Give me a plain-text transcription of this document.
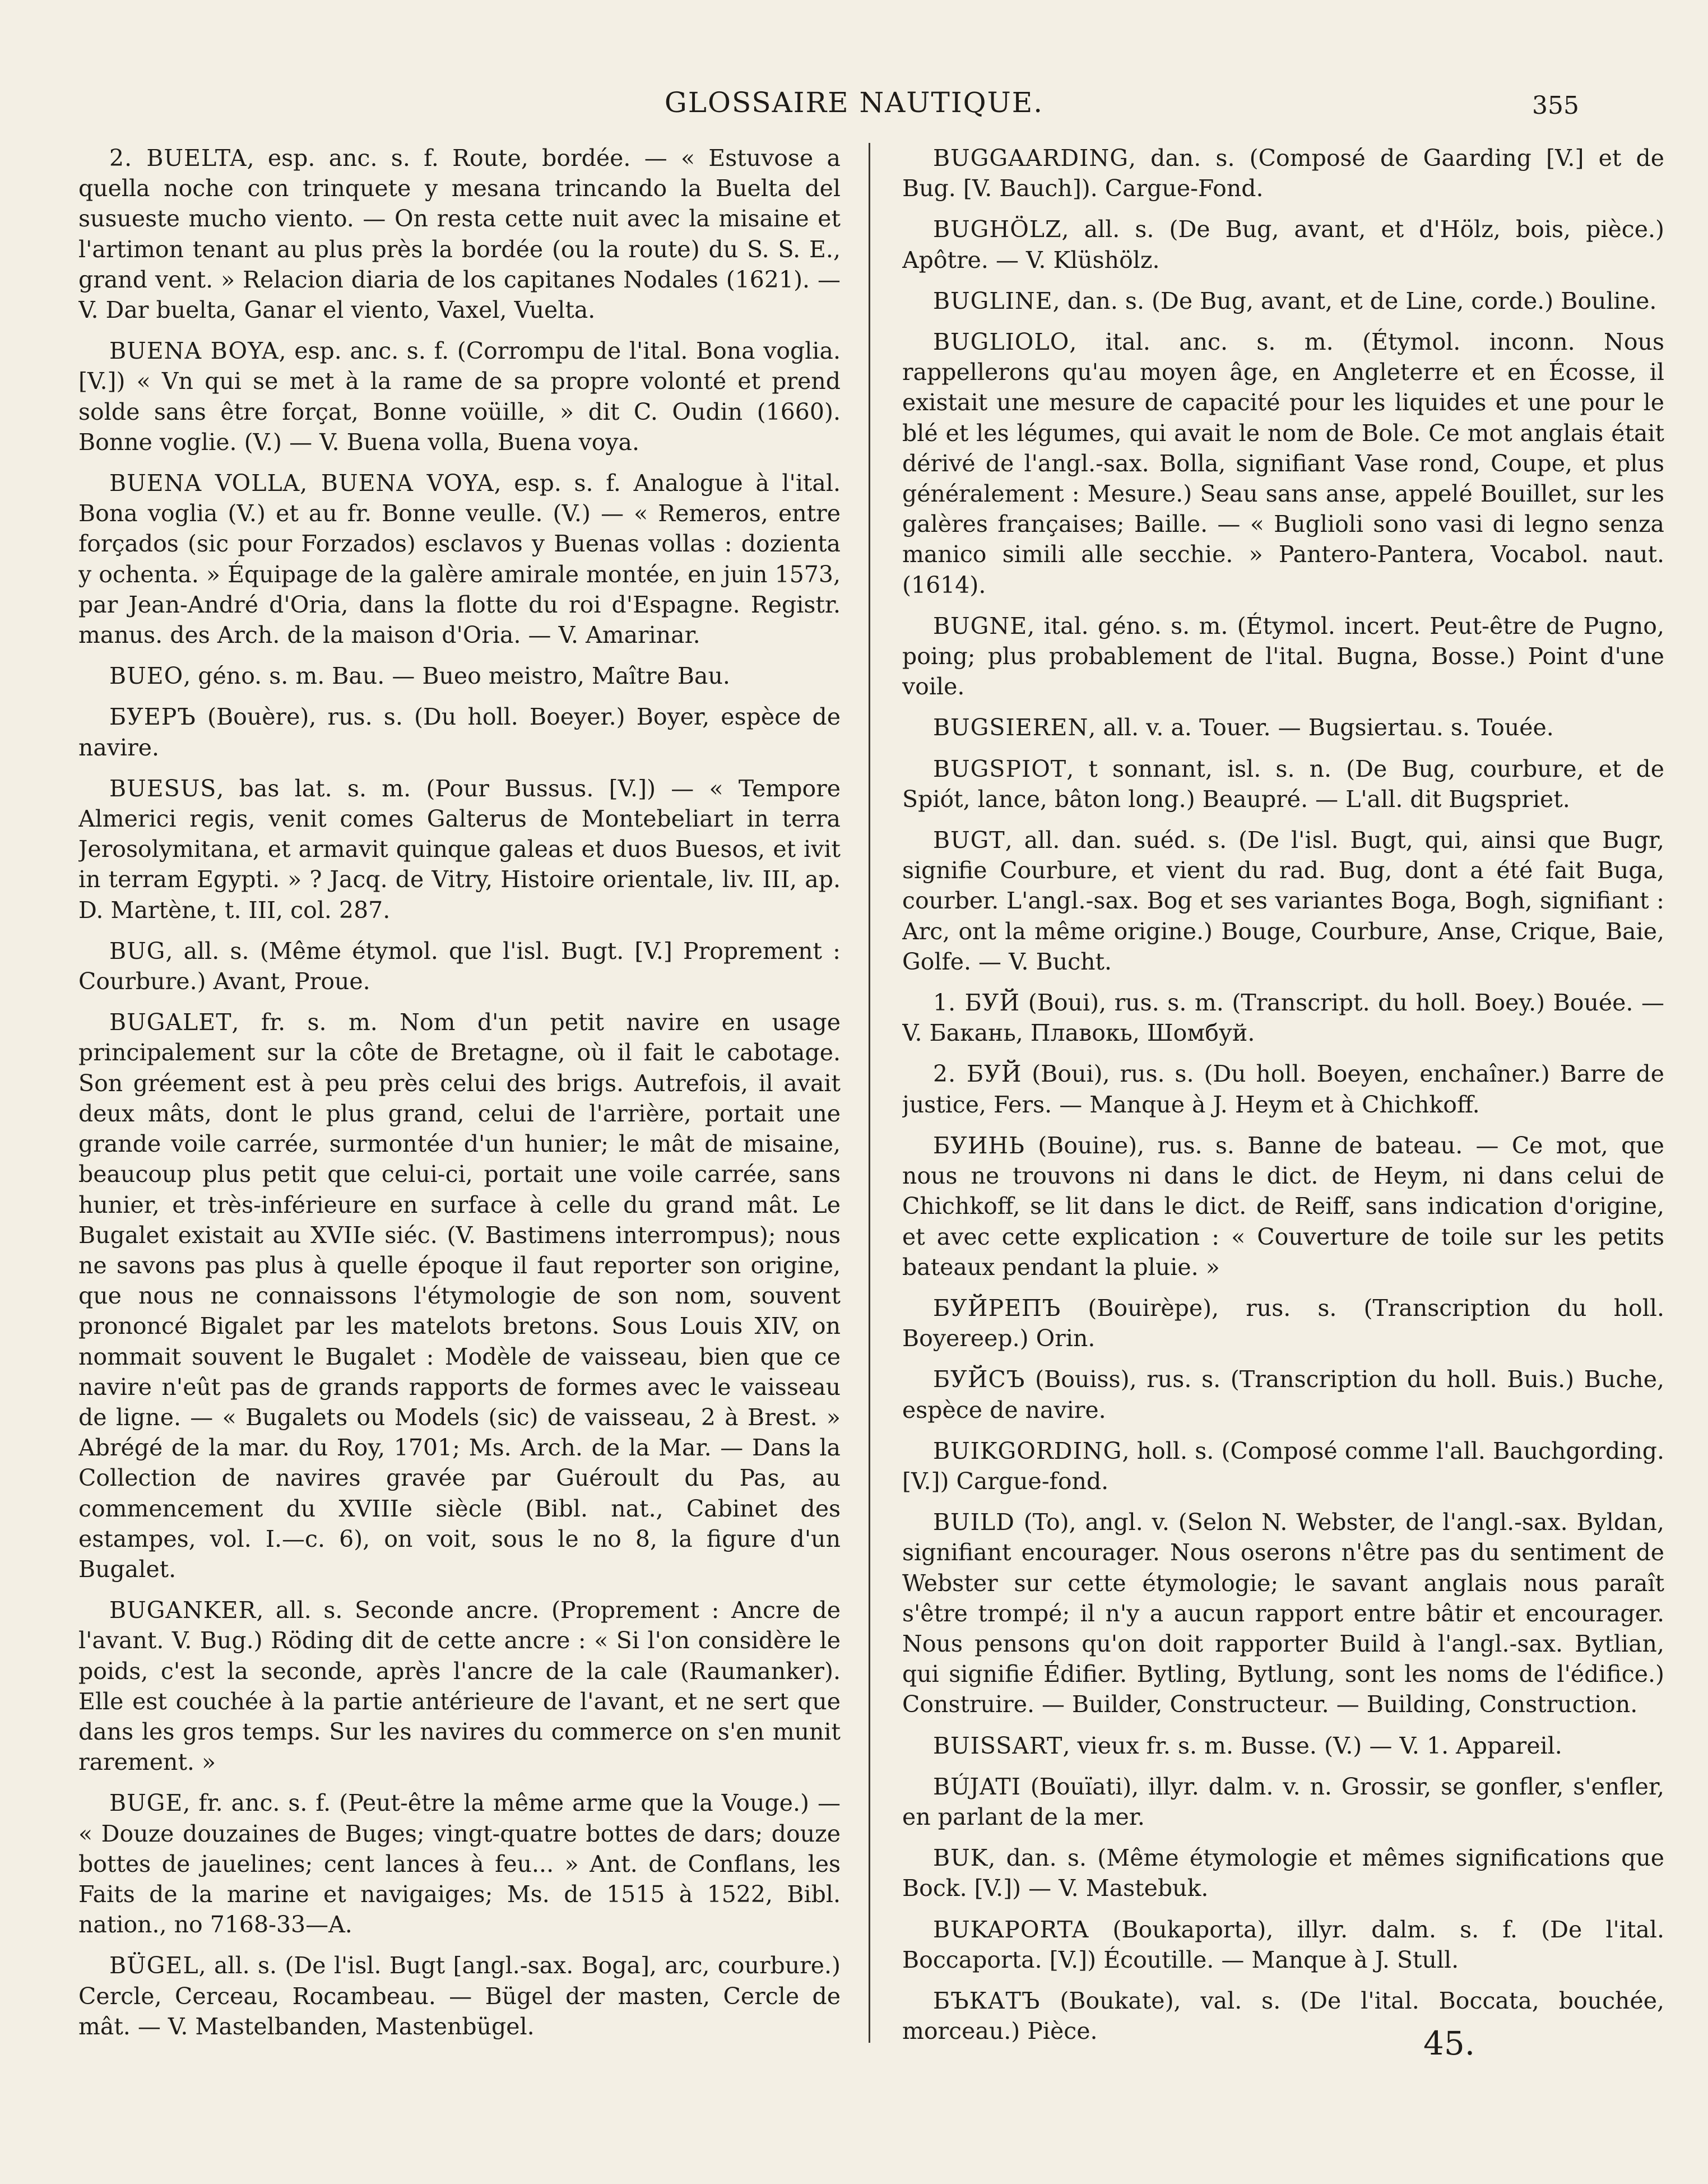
GLOSSAIRE NAUTIQUE.	355

2. BUELTA, esp. anc. s. f. Route, bordée. — « Estuvose a quella noche con trinquete y mesana trincando la Buelta del susueste mucho viento. — On resta cette nuit avec la misaine et l'artimon tenant au plus près la bordée (ou la route) du S. S. E., grand vent. » Relacion diaria de los capitanes Nodales (1621). — V. Dar buelta, Ganar el viento, Vaxel, Vuelta.

BUENA BOYA, esp. anc. s. f. (Corrompu de l'ital. Bona voglia. [V.]) « Vn qui se met à la rame de sa propre volonté et prend solde sans être forçat, Bonne voüille, » dit C. Oudin (1660). Bonne voglie. (V.) — V. Buena volla, Buena voya.

BUENA VOLLA, BUENA VOYA, esp. s. f. Analogue à l'ital. Bona voglia (V.) et au fr. Bonne veulle. (V.) — « Remeros, entre forçados (sic pour Forzados) esclavos y Buenas vollas : dozienta y ochenta. » Équipage de la galère amirale montée, en juin 1573, par Jean-André d'Oria, dans la flotte du roi d'Espagne. Registr. manus. des Arch. de la maison d'Oria. — V. Amarinar.

BUEO, géno. s. m. Bau. — Bueo meistro, Maître Bau.

БУЕРЪ (Bouère), rus. s. (Du holl. Boeyer.) Boyer, espèce de navire.

BUESUS, bas lat. s. m. (Pour Bussus. [V.]) — « Tempore Almerici regis, venit comes Galterus de Montebeliart in terra Jerosolymitana, et armavit quinque galeas et duos Buesos, et ivit in terram Egypti. » ? Jacq. de Vitry, Histoire orientale, liv. III, ap. D. Martène, t. III, col. 287.

BUG, all. s. (Même étymol. que l'isl. Bugt. [V.] Proprement : Courbure.) Avant, Proue.

BUGALET, fr. s. m. Nom d'un petit navire en usage principalement sur la côte de Bretagne, où il fait le cabotage. Son gréement est à peu près celui des brigs. Autrefois, il avait deux mâts, dont le plus grand, celui de l'arrière, portait une grande voile carrée, surmontée d'un hunier; le mât de misaine, beaucoup plus petit que celui-ci, portait une voile carrée, sans hunier, et très-inférieure en surface à celle du grand mât. Le Bugalet existait au XVIIe siéc. (V. Bastimens interrompus); nous ne savons pas plus à quelle époque il faut reporter son origine, que nous ne connaissons l'étymologie de son nom, souvent prononcé Bigalet par les matelots bretons. Sous Louis XIV, on nommait souvent le Bugalet : Modèle de vaisseau, bien que ce navire n'eût pas de grands rapports de formes avec le vaisseau de ligne. — « Bugalets ou Models (sic) de vaisseau, 2 à Brest. » Abrégé de la mar. du Roy, 1701; Ms. Arch. de la Mar. — Dans la Collection de navires gravée par Guéroult du Pas, au commencement du XVIIIe siècle (Bibl. nat., Cabinet des estampes, vol. I.—c. 6), on voit, sous le no 8, la figure d'un Bugalet.

BUGANKER, all. s. Seconde ancre. (Proprement : Ancre de l'avant. V. Bug.) Röding dit de cette ancre : « Si l'on considère le poids, c'est la seconde, après l'ancre de la cale (Raumanker). Elle est couchée à la partie antérieure de l'avant, et ne sert que dans les gros temps. Sur les navires du commerce on s'en munit rarement. »

BUGE, fr. anc. s. f. (Peut-être la même arme que la Vouge.) — « Douze douzaines de Buges; vingt-quatre bottes de dars; douze bottes de jauelines; cent lances à feu... » Ant. de Conflans, les Faits de la marine et navigaiges; Ms. de 1515 à 1522, Bibl. nation., no 7168-33—A.

BÜGEL, all. s. (De l'isl. Bugt [angl.-sax. Boga], arc, courbure.) Cercle, Cerceau, Rocambeau. — Bügel der masten, Cercle de mât. — V. Mastelbanden, Mastenbügel.

BUGGAARDING, dan. s. (Composé de Gaarding [V.] et de Bug. [V. Bauch]). Cargue-Fond.

BUGHÖLZ, all. s. (De Bug, avant, et d'Hölz, bois, pièce.) Apôtre. — V. Klüshölz.

BUGLINE, dan. s. (De Bug, avant, et de Line, corde.) Bouline.

BUGLIOLO, ital. anc. s. m. (Étymol. inconn. Nous rappellerons qu'au moyen âge, en Angleterre et en Écosse, il existait une mesure de capacité pour les liquides et une pour le blé et les légumes, qui avait le nom de Bole. Ce mot anglais était dérivé de l'angl.-sax. Bolla, signifiant Vase rond, Coupe, et plus généralement : Mesure.) Seau sans anse, appelé Bouillet, sur les galères françaises; Baille. — « Buglioli sono vasi di legno senza manico simili alle secchie. » Pantero-Pantera, Vocabol. naut. (1614).

BUGNE, ital. géno. s. m. (Étymol. incert. Peut-être de Pugno, poing; plus probablement de l'ital. Bugna, Bosse.) Point d'une voile.

BUGSIEREN, all. v. a. Touer. — Bugsiertau. s. Touée.

BUGSPIOT, t sonnant, isl. s. n. (De Bug, courbure, et de Spiót, lance, bâton long.) Beaupré. — L'all. dit Bugspriet.

BUGT, all. dan. suéd. s. (De l'isl. Bugt, qui, ainsi que Bugr, signifie Courbure, et vient du rad. Bug, dont a été fait Buga, courber. L'angl.-sax. Bog et ses variantes Boga, Bogh, signifiant : Arc, ont la même origine.) Bouge, Courbure, Anse, Crique, Baie, Golfe. — V. Bucht.

1. БУЙ (Boui), rus. s. m. (Transcript. du holl. Boey.) Bouée. — V. Бакань, Плавокь, Шомбуй.

2. БУЙ (Boui), rus. s. (Du holl. Boeyen, enchaîner.) Barre de justice, Fers. — Manque à J. Heym et à Chichkoff.

БУИНЬ (Bouine), rus. s. Banne de bateau. — Ce mot, que nous ne trouvons ni dans le dict. de Heym, ni dans celui de Chichkoff, se lit dans le dict. de Reiff, sans indication d'origine, et avec cette explication : « Couverture de toile sur les petits bateaux pendant la pluie. »

БУЙРЕПЪ (Bouirèpe), rus. s. (Transcription du holl. Boyereep.) Orin.

БУЙСЪ (Bouiss), rus. s. (Transcription du holl. Buis.) Buche, espèce de navire.

BUIKGORDING, holl. s. (Composé comme l'all. Bauchgording. [V.]) Cargue-fond.

BUILD (To), angl. v. (Selon N. Webster, de l'angl.-sax. Byldan, signifiant encourager. Nous oserons n'être pas du sentiment de Webster sur cette étymologie; le savant anglais nous paraît s'être trompé; il n'y a aucun rapport entre bâtir et encourager. Nous pensons qu'on doit rapporter Build à l'angl.-sax. Bytlian, qui signifie Édifier. Bytling, Bytlung, sont les noms de l'édifice.) Construire. — Builder, Constructeur. — Building, Construction.

BUISSART, vieux fr. s. m. Busse. (V.) — V. 1. Appareil.

BÚJATI (Bouïati), illyr. dalm. v. n. Grossir, se gonfler, s'enfler, en parlant de la mer.

BUK, dan. s. (Même étymologie et mêmes significations que Bock. [V.]) — V. Mastebuk.

BUKAPORTA (Boukaporta), illyr. dalm. s. f. (De l'ital. Boccaporta. [V.]) Écoutille. — Manque à J. Stull.

БЪКАТЪ (Boukate), val. s. (De l'ital. Boccata, bouchée, morceau.) Pièce.	45.
